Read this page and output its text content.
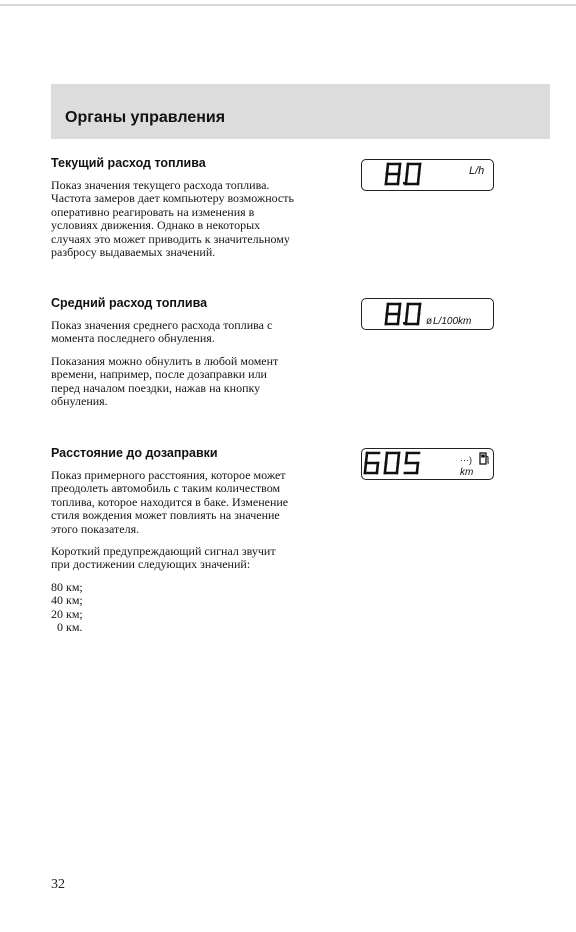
Органы управления
Текущий расход топлива

Показ значения текущего расхода топлива. Частота замеров дает компьютеру возможность оперативно реагировать на изменения в условиях движения. Однако в некоторых случаях это может приводить к значительному разбросу выдаваемых значений.

Средний расход топлива

Показ значения среднего расхода топлива с момента последнего обнуления.

Показания можно обнулить в любой момент времени, например, после дозаправки или перед началом поездки, нажав на кнопку обнуления.

Расстояние до дозаправки

Показ примерного расстояния, которое может преодолеть автомобиль с таким количеством топлива, которое находится в баке. Изменение стиля вождения может повлиять на значение этого показателя.

Короткий предупреждающий сигнал звучит при достижении следующих значений:

80 км;
40 км;
20 км;
0 км.
L/h
ø L/100km
···)
km
32
